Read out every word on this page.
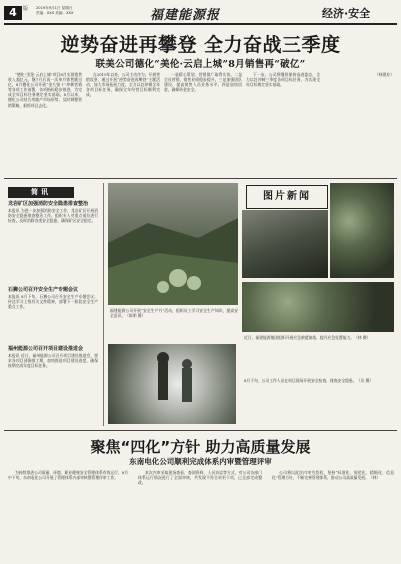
4	版 2019年9月1日 星期日
责编：XXX 美编：XXX	福建能源报	经济·安全
逆势奋进再攀登 全力奋战三季度
联美公司德化“美伦·云启上城”8月销售再“破亿”

“德化”美伦·云启上城”项目8月实现销售收入超亿元，继7月后再一次单月销售额过亿，8月德化公司开展“金九银十”冲刺营销等各项工作部署，各项指标稳步推进，为完成全年目标任务奠定坚实基础。8月以来，德化公司结合房地产市场形势，及时调整营销策略，狠抓项目去化。

自2019年以来，公司主动作为，开展营销攻坚，通过开展“逆势奋进再攀登”主题活动，加大市场拓展力度，全力以赴冲刺全年各项目标任务，确保全年经营目标顺利完成。

一是精心策划，营销推广取得实效。二是全员营销，销售业绩稳步提升。三是加强团队建设，提高销售人员业务水平。四是加快回款，确保资金安全。

下一步，公司将继续保持奋进姿态，全力以赴冲刺三季度各项目标任务，为实现全年目标奠定坚实基础。

（林建业）

简讯
龙岩矿区加强消防安全隐患排查整治
本报讯 为进一步加强消防安全工作，龙岩矿区开展消防安全隐患排查整治工作，组织专人对重点部位进行检查，及时消除各类安全隐患，确保矿区安全稳定。
石狮公司召开安全生产专题会议
本报讯 8月下旬，石狮公司召开安全生产专题会议，传达学习上级有关文件精神，部署下一阶段安全生产重点工作。
福州能源公司召开项目建设推进会
本报讯 近日，福州能源公司召开项目建设推进会，要求各项目部倒排工期，加快推进项目建设进度，确保按期完成年度目标任务。
图片新闻
福建能源公司开展“安全生产月”活动，组织员工学习安全生产知识，提高安全意识。（陈明 摄）
近日，福建能源集团组织开展应急救援演练，提升应急处置能力。（林 摄）
8月下旬，公司工作人员在项目现场开展安全检查，排查安全隐患。（吴 摄）
聚焦“四化”方针 助力高质量发展
东南电化公司顺利完成体系内审暨管理评审

为持续推进公司质量、环境、职业健康安全管理体系有效运行，8月中下旬，东南电化公司开展了管理体系内部审核暨管理评审工作。

本次内审采取现场查看、查阅资料、人员访谈等方式，对公司各部门体系运行情况进行了全面审核，共发现不符合项若干项，已全部完成整改。

公司将以此次内审为契机，坚持“标准化、规范化、精细化、信息化”管理方针，不断完善管理体系，推动公司高质量发展。（林）
